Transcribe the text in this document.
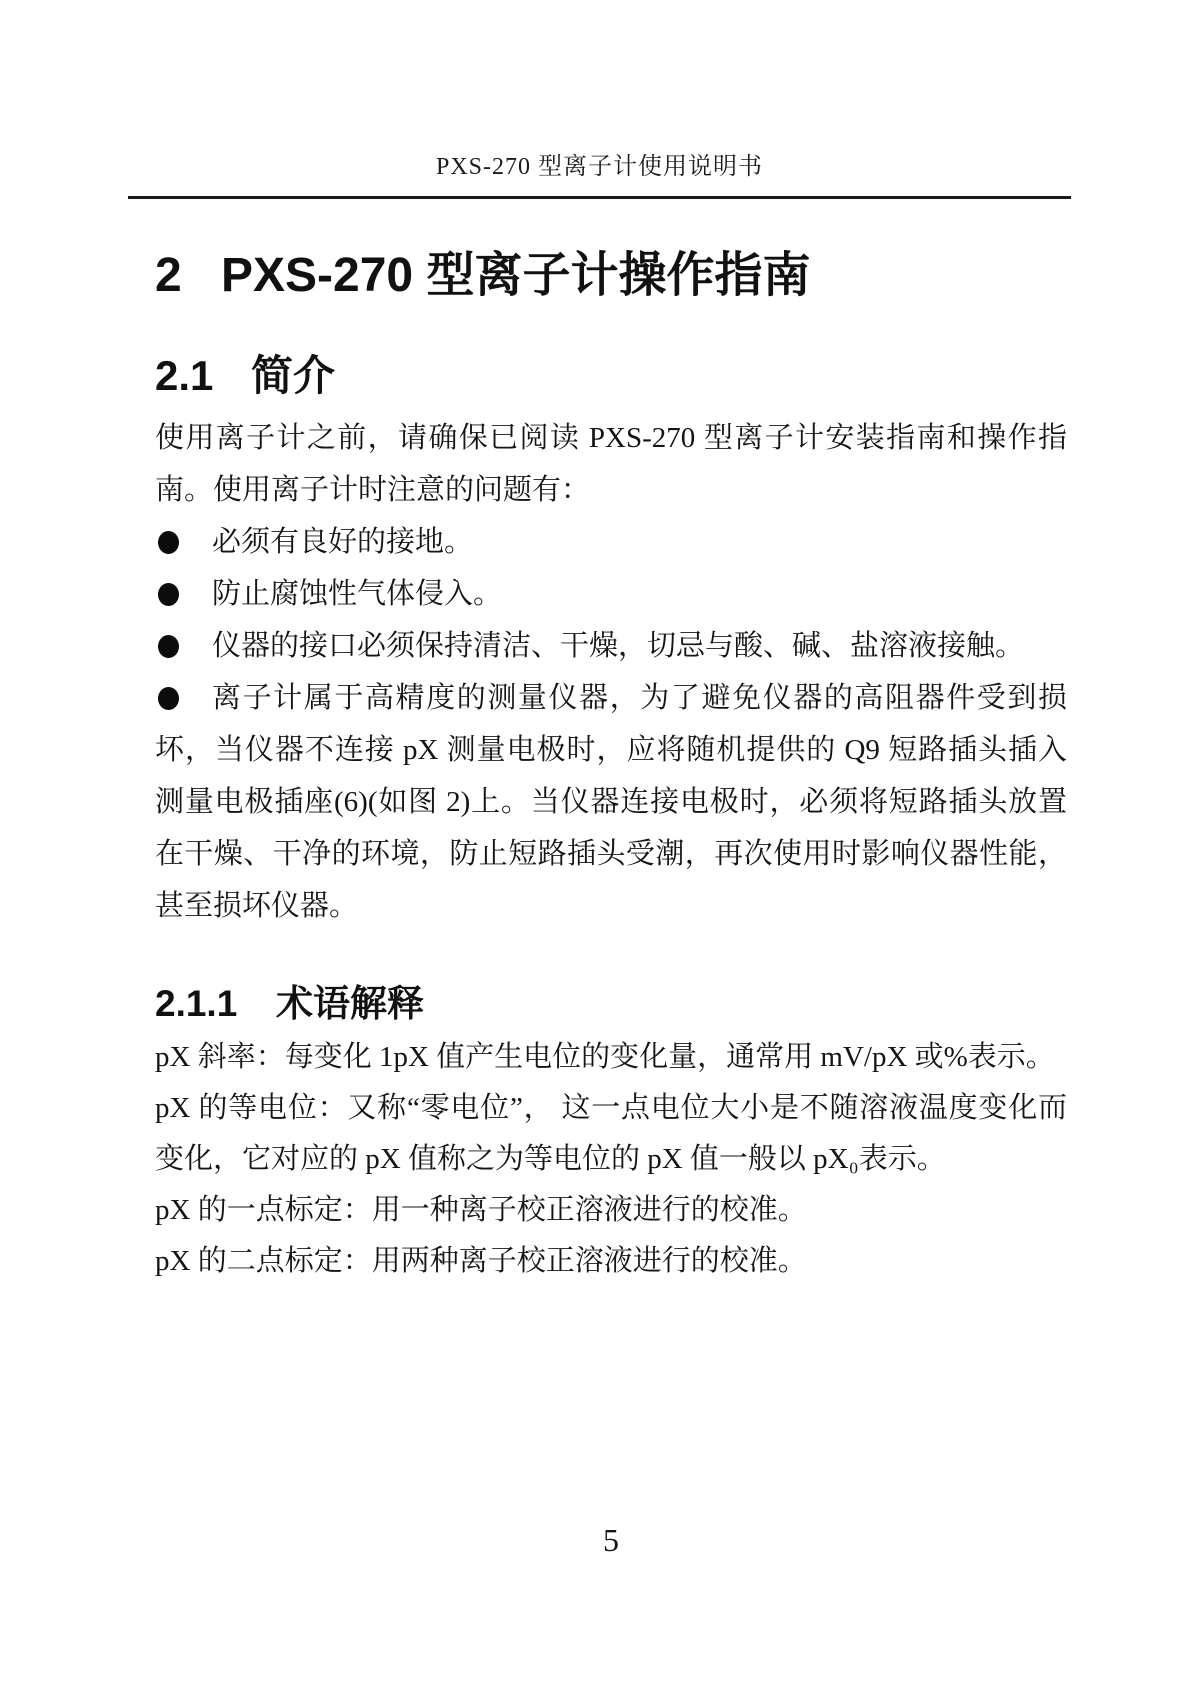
PXS-270 型离子计使用说明书
2 PXS-270 型离子计操作指南
2.1 简介
使用离子计之前，请确保已阅读 PXS-270 型离子计安装指南和操作指
南。使用离子计时注意的问题有：
必须有良好的接地。
防止腐蚀性气体侵入。
仪器的接口必须保持清洁、干燥，切忌与酸、碱、盐溶液接触。
离子计属于高精度的测量仪器，为了避免仪器的高阻器件受到损
坏，当仪器不连接 pX 测量电极时，应将随机提供的 Q9 短路插头插入
测量电极插座(6)(如图 2)上。当仪器连接电极时，必须将短路插头放置
在干燥、干净的环境，防止短路插头受潮，再次使用时影响仪器性能，
甚至损坏仪器。
2.1.1	术语解释
pX 斜率：每变化 1pX 值产生电位的变化量，通常用 mV/pX 或%表示。
pX 的等电位：又称“零电位”， 这一点电位大小是不随溶液温度变化而
变化，它对应的 pX 值称之为等电位的 pX 值一般以 pX₀表示。
pX 的一点标定：用一种离子校正溶液进行的校准。
pX 的二点标定：用两种离子校正溶液进行的校准。
5
